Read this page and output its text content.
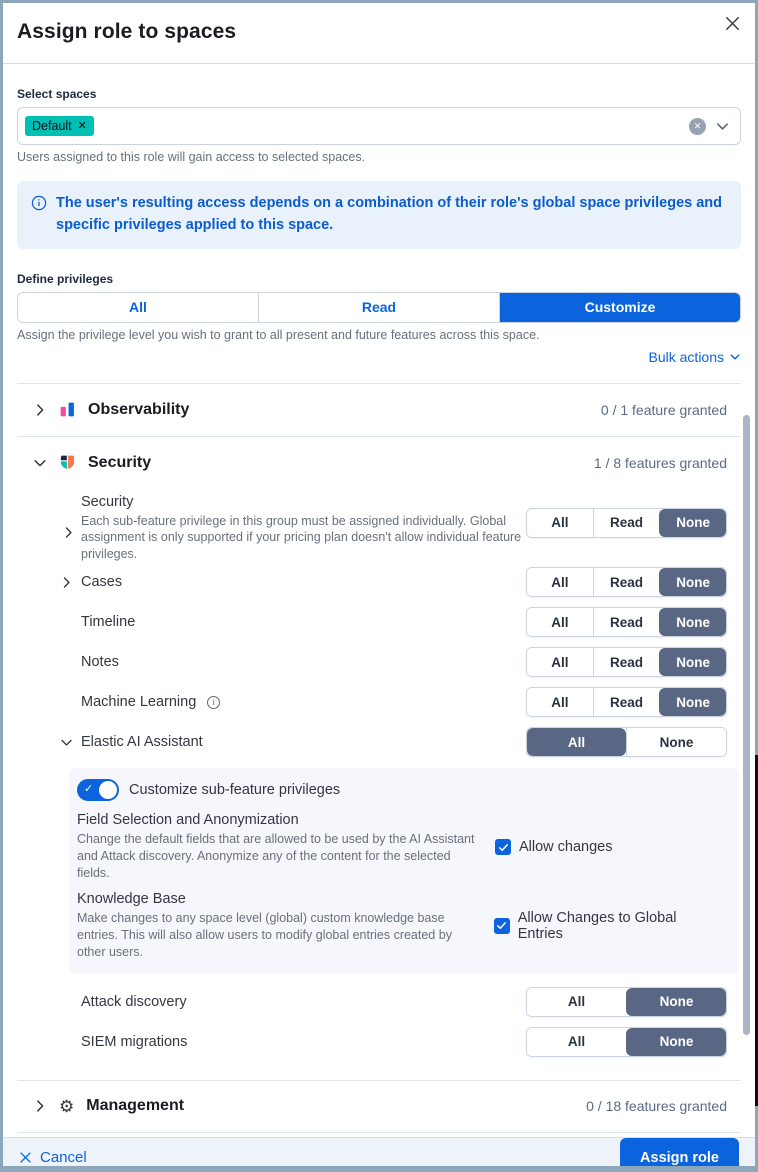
Assign role to spaces
Select spaces
Default ✕	✕
Users assigned to this role will gain access to selected spaces.
The user's resulting access depends on a combination of their role's global space privileges and specific privileges applied to this space.
Define privileges
All	Read	Customize
Assign the privilege level you wish to grant to all present and future features across this space.
Bulk actions
Observability	0 / 1 feature granted
Security	1 / 8 features granted
Security
Each sub-feature privilege in this group must be assigned individually. Global assignment is only supported if your pricing plan doesn't allow individual feature privileges.
All	Read	None
Cases	All	Read	None
Timeline	All	Read	None
Notes	All	Read	None
Machine Learning	i	All	Read	None
Elastic AI Assistant	All	None
✓ Customize sub-feature privileges
Field Selection and Anonymization
Change the default fields that are allowed to be used by the AI Assistant and Attack discovery. Anonymize any of the content for the selected fields.
Allow changes
Knowledge Base
Make changes to any space level (global) custom knowledge base entries. This will also allow users to modify global entries created by other users.
Allow Changes to Global Entries
Attack discovery	All	None
SIEM migrations	All	None
⚙ Management	0 / 18 features granted
Cancel	Assign role
